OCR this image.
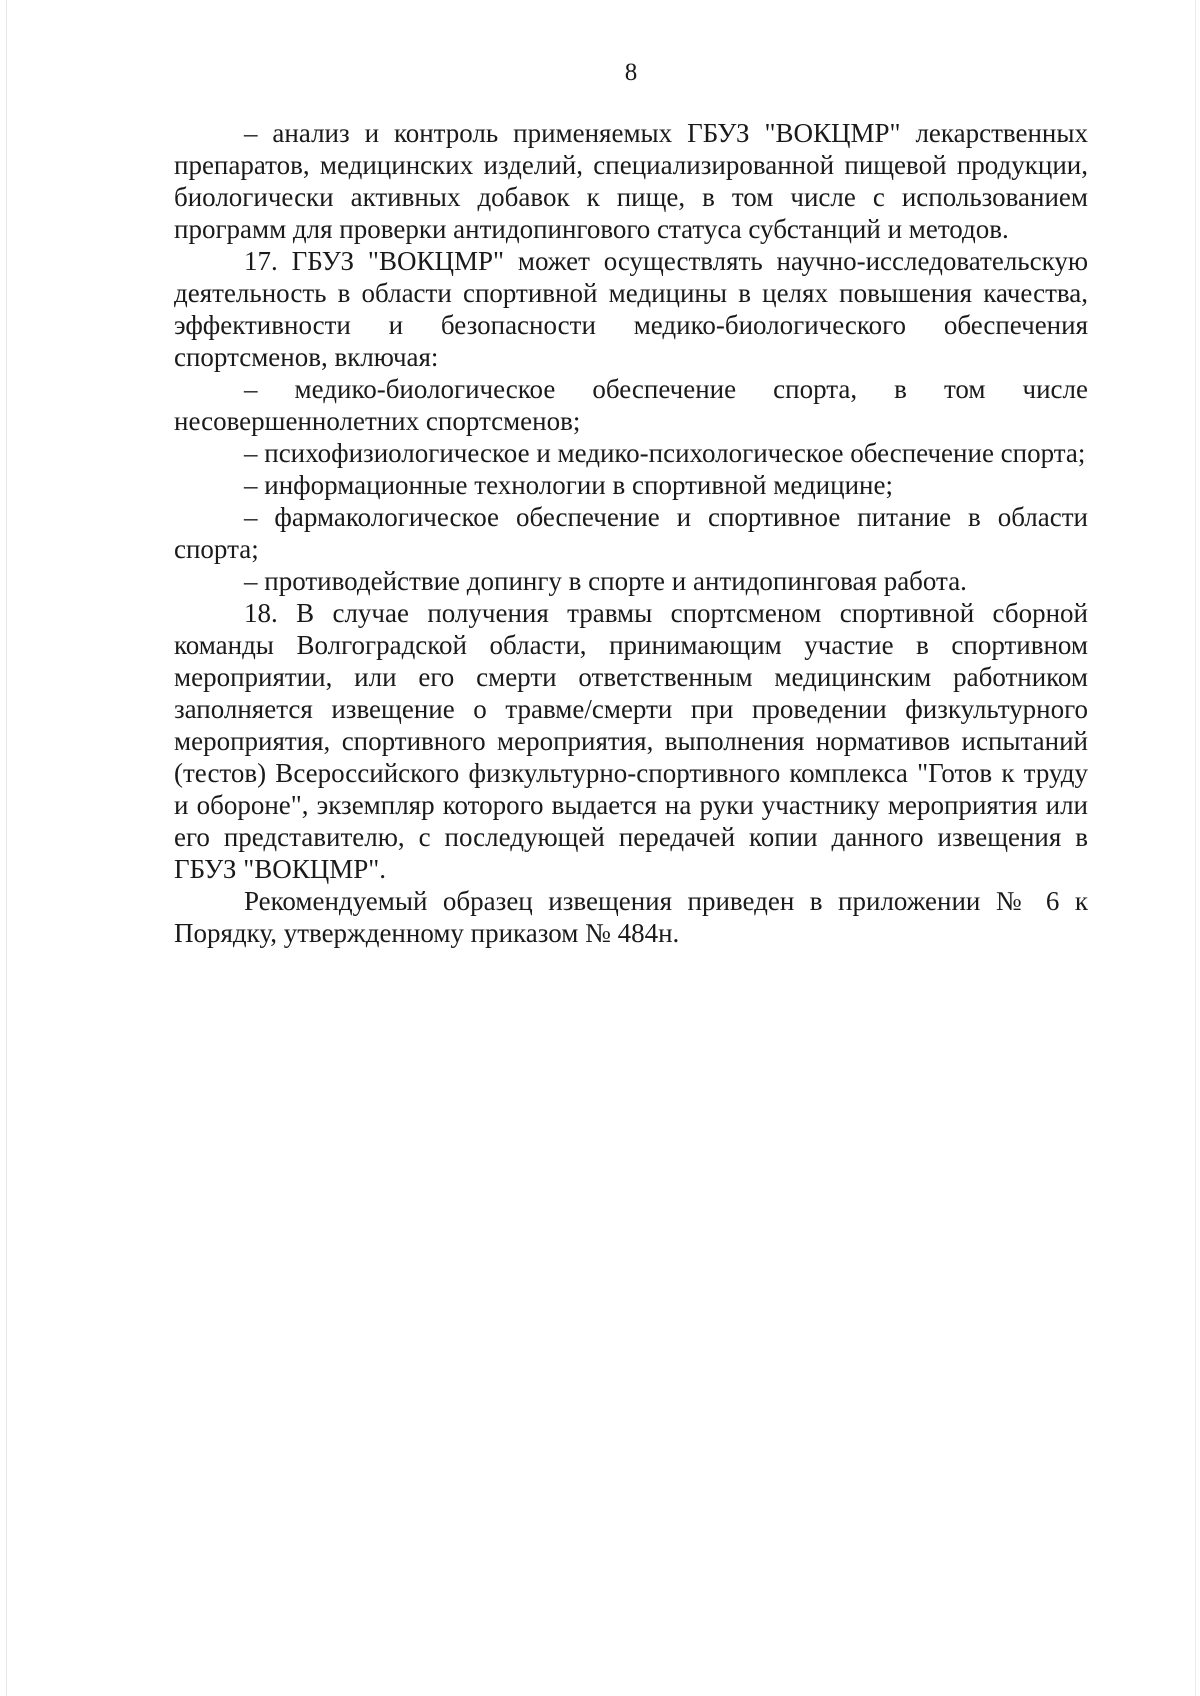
8

– анализ и контроль применяемых ГБУЗ "ВОКЦМР" лекарственных препаратов, медицинских изделий, специализированной пищевой продукции, биологически активных добавок к пище, в том числе с использованием программ для проверки антидопингового статуса субстанций и методов.

17. ГБУЗ "ВОКЦМР" может осуществлять научно-исследовательскую деятельность в области спортивной медицины в целях повышения качества, эффективности и безопасности медико-биологического обеспечения спортсменов, включая:

– медико-биологическое обеспечение спорта, в том числе несовершеннолетних спортсменов;

– психофизиологическое и медико-психологическое обеспечение спорта;

– информационные технологии в спортивной медицине;

– фармакологическое обеспечение и спортивное питание в области спорта;

– противодействие допингу в спорте и антидопинговая работа.

18. В случае получения травмы спортсменом спортивной сборной команды Волгоградской области, принимающим участие в спортивном мероприятии, или его смерти ответственным медицинским работником заполняется извещение о травме/смерти при проведении физкультурного мероприятия, спортивного мероприятия, выполнения нормативов испытаний (тестов) Всероссийского физкультурно-спортивного комплекса "Готов к труду и обороне", экземпляр которого выдается на руки участнику мероприятия или его представителю, с последующей передачей копии данного извещения в ГБУЗ "ВОКЦМР".

Рекомендуемый образец извещения приведен в приложении № 6 к Порядку, утвержденному приказом № 484н.
